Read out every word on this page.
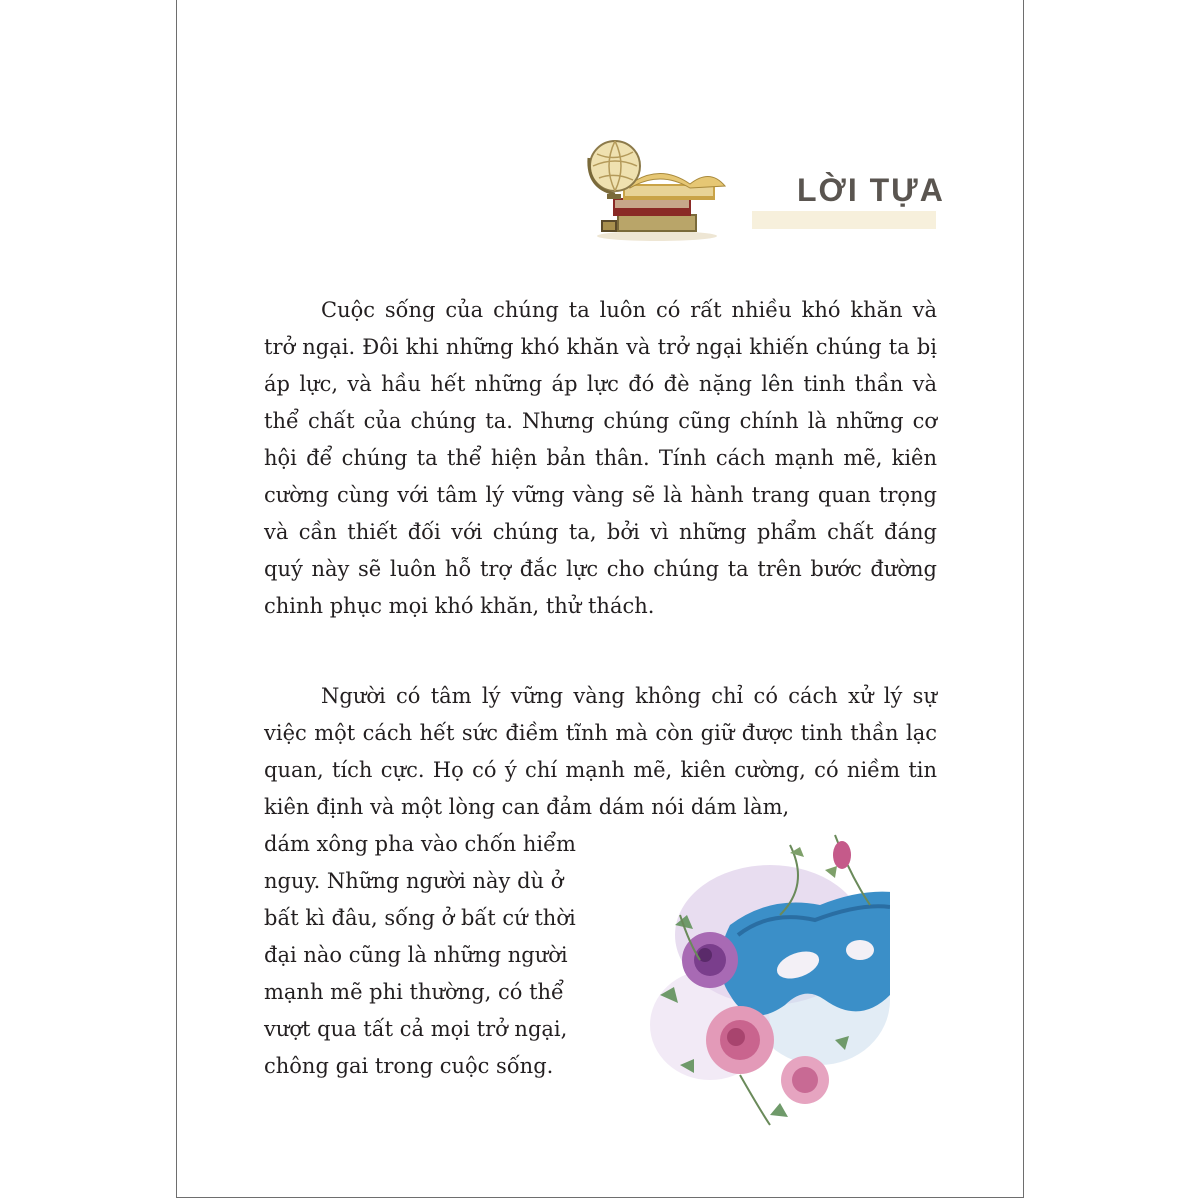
LỜI TỰA

Cuộc sống của chúng ta luôn có rất nhiều khó khăn và trở ngại. Đôi khi những khó khăn và trở ngại khiến chúng ta bị áp lực, và hầu hết những áp lực đó đè nặng lên tinh thần và thể chất của chúng ta. Nhưng chúng cũng chính là những cơ hội để chúng ta thể hiện bản thân. Tính cách mạnh mẽ, kiên cường cùng với tâm lý vững vàng sẽ là hành trang quan trọng và cần thiết đối với chúng ta, bởi vì những phẩm chất đáng quý này sẽ luôn hỗ trợ đắc lực cho chúng ta trên bước đường chinh phục mọi khó khăn, thử thách.

Người có tâm lý vững vàng không chỉ có cách xử lý sự việc một cách hết sức điềm tĩnh mà còn giữ được tinh thần lạc quan, tích cực. Họ có ý chí mạnh mẽ, kiên cường, có niềm tin kiên định và một lòng can đảm dám nói dám làm,

dám xông pha vào chốn hiểm
nguy. Những người này dù ở
bất kì đâu, sống ở bất cứ thời
đại nào cũng là những người
mạnh mẽ phi thường, có thể
vượt qua tất cả mọi trở ngại,
chông gai trong cuộc sống.
